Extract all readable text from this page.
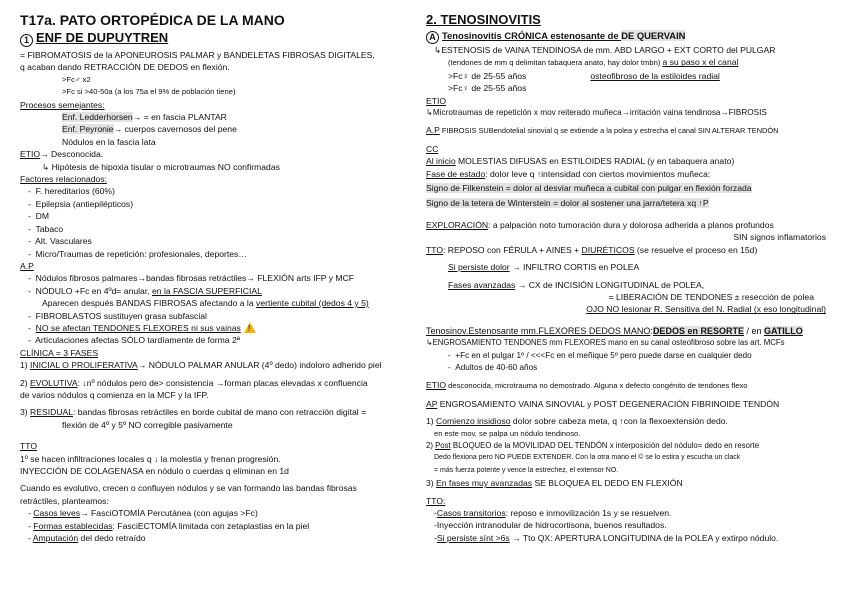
T17a. PATO ORTOPÉDICA DE LA MANO
1 ENF DE DUPUYTREN
= FIBROMATOSIS de la APONEUROSIS PALMAR y BANDELETAS FIBROSAS DIGITALES,
q acaban dando RETRACCIÓN DE DEDOS en flexión.
>Fc♂ x2
>Fc si >40-50a (a los 75a el 9% de población tiene)
Procesos semejantes:
Enf. Ledderhorsen→ = en fascia PLANTAR
Enf. Peyronie→ cuerpos cavernosos del pene
Nódulos en la fascia lata
ETIO→ Desconocida.
↳ Hipótesis de hipoxia tisular o microtraumas NO confirmadas
Factores relacionados:
-  F. hereditarios (60%)
-  Epilepsia (antiepilépticos)
-  DM
-  Tabaco
-  Alt. Vasculares
-  Micro/Traumas de repetición: profesionales, deportes…
A.P
-  Nódulos fibrosos palmares→bandas fibrosas retráctiles→ FLEXIÓN arts IFP y MCF
-  NÓDULO +Fc en 4ºd= anular, en la FASCIA SUPERFICIAL
Aparecen después BANDAS FIBROSAS afectando a la vertiente cubital (dedos 4 y 5)
-  FIBROBLASTOS sustituyen grasa subfascial
-  NO se afectan TENDONES FLEXORES ni sus vainas!
-  Articulaciones afectas SÓLO tardíamente de forma 2ª
CLÍNICA = 3 FASES
1) INICIAL O PROLIFERATIVA→ NÓDULO PALMAR ANULAR (4º dedo) indoloro adherido piel
2) EVOLUTIVA: ↓nº nódulos pero de> consistencia →forman placas elevadas x confluencia
de varios nódulos q comienza en la MCF y la IFP.
3) RESIDUAL: bandas fibrosas retráctiles en borde cubital de mano con retracción digital =
flexión de 4º y 5º NO corregible pasivamente
TTO
1º se hacen infiltraciones locales q ↓ la molestia y frenan progresión.
INYECCIÓN DE COLAGENASA en nódulo o cuerdas q eliminan en 1d
Cuando es evolutivo, crecen o confluyen nódulos y se van formando las bandas fibrosas
retráctiles, planteamos:
- Casos leves→ FasciOTOMÍA Percutánea (con agujas >Fc)
- Formas establecidas: FasciECTOMÍA limitada con zetaplastias en la piel
- Amputación del dedo retraído
2. TENOSINOVITIS
A Tenosinovitis CRÓNICA estenosante de DE QUERVAIN
↳ESTENOSIS de VAINA TENDINOSA de mm. ABD LARGO + EXT CORTO del PULGAR
(tendones de mm q delimitan tabaquera anato, hay dolor tmbn) a su paso x el canal
>Fc♀ de 25-55 años	osteofibroso de la estiloides radial
>Fc♀ de 25-55 años
ETIO
↳Microtraumas de repetición x mov reiterado muñeca→irritación vaina tendinosa→FIBROSIS
A.P FIBROSIS SUBendotelial sinovial q se extiende a la polea y estrecha el canal SIN ALTERAR TENDÓN
CC
Al inicio MOLESTIAS DIFUSAS en ESTILOIDES RADIAL (y en tabaquera anato)
Fase de estado: dolor leve q ↑intensidad con ciertos movimientos muñeca:
Signo de Filkenstein = dolor al desviar muñeca a cubital con pulgar en flexión forzada
Signo de la tetera de Winterstein = dolor al sostener una jarra/tetera xq ↑P
EXPLORACIÓN: a palpación noto tumoración dura y dolorosa adherida a planos profundos
SIN signos inflamatorios
TTO: REPOSO con FÉRULA + AINES + DIURÉTICOS (se resuelve el proceso en 15d)
Si persiste dolor → INFILTRO CORTIS en POLEA
Fases avanzadas → CX de INCISIÓN LONGITUDINAL de POLEA,
= LIBERACIÓN DE TENDONES ± resección de polea
OJO NO lesionar R. Sensitiva del N. Radial (x eso longitudinal)
Tenosinov.Estenosante mm.FLEXORES DEDOS MANO:DEDOS en RESORTE / en GATILLO
↳ENGROSAMIENTO TENDONES mm FLEXORES mano en su canal osteofibroso sobre las art. MCFs
-  +Fc en el pulgar 1º / <<<Fc en el meñique 5º pero puede darse en cualquier dedo
-  Adultos de 40-60 años
ETIO desconocida, microtrauma no demostrado. Alguna x defecto congénito de tendones flexo
AP ENGROSAMIENTO VAINA SINOVIAL y POST DEGENERACIÓN FIBRINOIDE TENDÓN
1) Comienzo insidioso dolor sobre cabeza meta, q ↑con la flexoextensión dedo.
en este mov, se palpa un nódulo tendinoso.
2) Post BLOQUEO de la MOVILIDAD DEL TENDÓN x interposición del nódulo= dedo en resorte
Dedo flexiona pero NO PUEDE EXTENDER. Con la otra mano el © se lo estira y escucha un clack
= más fuerza potente y vence la estrechez, el extensor NO.
3) En fases muy avanzadas SE BLOQUEA EL DEDO EN FLEXIÓN
TTO:
-Casos transitorios: reposo e inmovilización 1s y se resuelven.
-Inyección intranodular de hidrocortisona, buenos resultados.
-Si persiste sínt >6s → Tto QX: APERTURA LONGITUDINA de la POLEA y extirpo nódulo.
